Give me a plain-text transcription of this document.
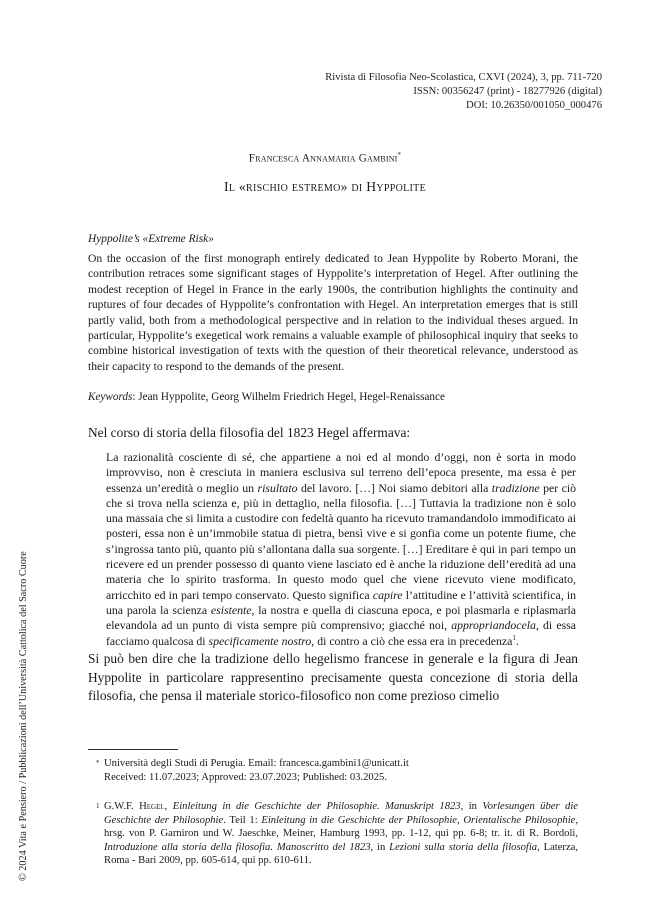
Rivista di Filosofia Neo-Scolastica, CXVI (2024), 3, pp. 711-720
ISSN: 00356247 (print) - 18277926 (digital)
DOI: 10.26350/001050_000476
Francesca Annamaria Gambini*
Il «rischio estremo» di Hyppolite
Hyppolite’s «Extreme Risk»

On the occasion of the first monograph entirely dedicated to Jean Hyppolite by Roberto Morani, the contribution retraces some significant stages of Hyppolite’s interpretation of Hegel. After outlining the modest reception of Hegel in France in the early 1900s, the contribution highlights the continuity and ruptures of four decades of Hyppolite’s confrontation with Hegel. An interpretation emerges that is still partly valid, both from a methodological perspective and in relation to the individual theses argued. In particular, Hyppolite’s exegetical work remains a valuable example of philosophical inquiry that seeks to combine historical investigation of texts with the question of their theoretical relevance, understood as their capacity to respond to the demands of the present.

Keywords: Jean Hyppolite, Georg Wilhelm Friedrich Hegel, Hegel-Renaissance

Nel corso di storia della filosofia del 1823 Hegel affermava:

La razionalità cosciente di sé, che appartiene a noi ed al mondo d’oggi, non è sorta in modo improvviso, non è cresciuta in maniera esclusiva sul terreno dell’epoca presente, ma essa è per essenza un’eredità o meglio un risultato del lavoro. […] Noi siamo debitori alla tradizione per ciò che si trova nella scienza e, più in dettaglio, nella filosofia. […] Tuttavia la tradizione non è solo una massaia che si limita a custodire con fedeltà quanto ha ricevuto tramandandolo immodificato ai posteri, essa non è un’immobile statua di pietra, bensì vive e si gonfia come un potente fiume, che s’ingrossa tanto più, quanto più s’allontana dalla sua sorgente. […] Ereditare è qui in pari tempo un ricevere ed un prender possesso di quanto viene lasciato ed è anche la riduzione dell’eredità ad una materia che lo spirito trasforma. In questo modo quel che viene ricevuto viene modificato, arricchito ed in pari tempo conservato. Questo significa capire l’attitudine e l’attività scientifica, in una parola la scienza esistente, la nostra e quella di ciascuna epoca, e poi plasmarla e riplasmarla elevandola ad un punto di vista sempre più comprensivo; giacché noi, appropriandocela, di essa facciamo qualcosa di specificamente nostro, di contro a ciò che essa era in precedenza$^1$.

Si può ben dire che la tradizione dello hegelismo francese in generale e la figura di Jean Hyppolite in particolare rappresentino precisamente questa concezione di storia della filosofia, che pensa il materiale storico-filosofico non come prezioso cimelio

* Università degli Studi di Perugia. Email: francesca.gambini1@unicatt.it
Received: 11.07.2023; Approved: 23.07.2023; Published: 03.2025.
1 G.W.F. Hegel, Einleitung in die Geschichte der Philosophie. Manuskript 1823, in Vorlesungen über die Geschichte der Philosophie. Teil 1: Einleitung in die Geschichte der Philosophie, Orientalische Philosophie, hrsg. von P. Garniron und W. Jaeschke, Meiner, Hamburg 1993, pp. 1-12, qui pp. 6-8; tr. it. di R. Bordoli, Introduzione alla storia della filosofia. Manoscritto del 1823, in Lezioni sulla storia della filosofia, Laterza, Roma - Bari 2009, pp. 605-614, qui pp. 610-611.
© 2024 Vita e Pensiero / Pubblicazioni dell’Università Cattolica del Sacro Cuore
